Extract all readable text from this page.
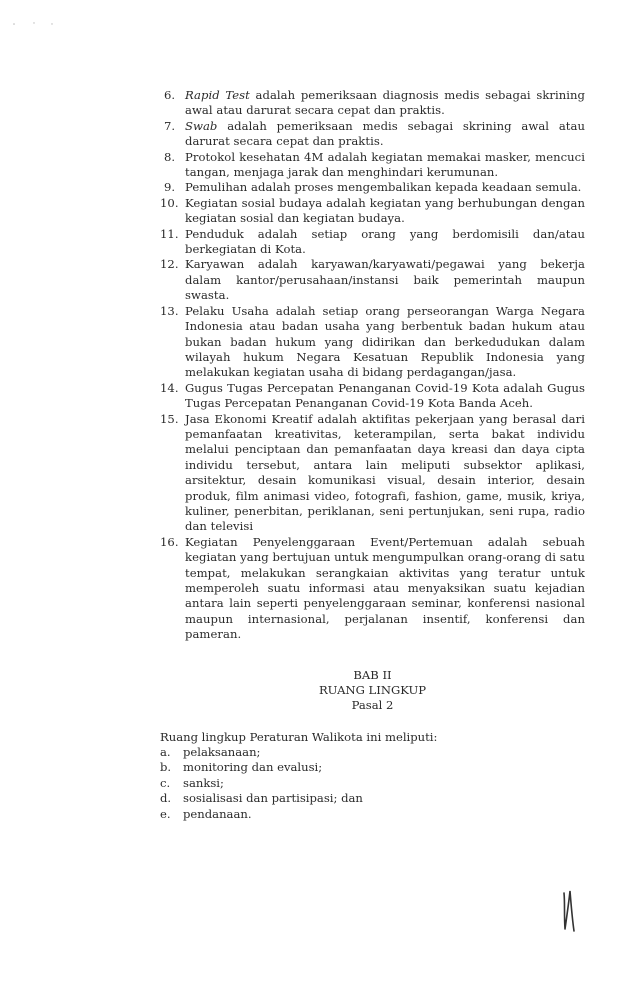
6. Rapid Test adalah pemeriksaan diagnosis medis sebagai skrining awal atau darurat secara cepat dan praktis.
7. Swab adalah pemeriksaan medis sebagai skrining awal atau darurat secara cepat dan praktis.
8. Protokol kesehatan 4M adalah kegiatan memakai masker, mencuci tangan, menjaga jarak dan menghindari kerumunan.
9. Pemulihan adalah proses mengembalikan kepada keadaan semula.
10. Kegiatan sosial budaya adalah kegiatan yang berhubungan dengan kegiatan sosial dan kegiatan budaya.
11. Penduduk adalah setiap orang yang berdomisili dan/atau berkegiatan di Kota.
12. Karyawan adalah karyawan/karyawati/pegawai yang bekerja dalam kantor/perusahaan/instansi baik pemerintah maupun swasta.
13. Pelaku Usaha adalah setiap orang perseorangan Warga Negara Indonesia atau badan usaha yang berbentuk badan hukum atau bukan badan hukum yang didirikan dan berkedudukan dalam wilayah hukum Negara Kesatuan Republik Indonesia yang melakukan kegiatan usaha di bidang perdagangan/jasa.
14. Gugus Tugas Percepatan Penanganan Covid-19 Kota adalah Gugus Tugas Percepatan Penanganan Covid-19 Kota Banda Aceh.
15. Jasa Ekonomi Kreatif adalah aktifitas pekerjaan yang berasal dari pemanfaatan kreativitas, keterampilan, serta bakat individu melalui penciptaan dan pemanfaatan daya kreasi dan daya cipta individu tersebut, antara lain meliputi subsektor aplikasi, arsitektur, desain komunikasi visual, desain interior, desain produk, film animasi video, fotografi, fashion, game, musik, kriya, kuliner, penerbitan, periklanan, seni pertunjukan, seni rupa, radio dan televisi
16. Kegiatan Penyelenggaraan Event/Pertemuan adalah sebuah kegiatan yang bertujuan untuk mengumpulkan orang-orang di satu tempat, melakukan serangkaian aktivitas yang teratur untuk memperoleh suatu informasi atau menyaksikan suatu kejadian antara lain seperti penyelenggaraan seminar, konferensi nasional maupun internasional, perjalanan insentif, konferensi dan pameran.
BAB II
RUANG LINGKUP
Pasal 2
Ruang lingkup Peraturan Walikota ini meliputi:
a. pelaksanaan;
b. monitoring dan evalusi;
c. sanksi;
d. sosialisasi dan partisipasi; dan
e. pendanaan.
